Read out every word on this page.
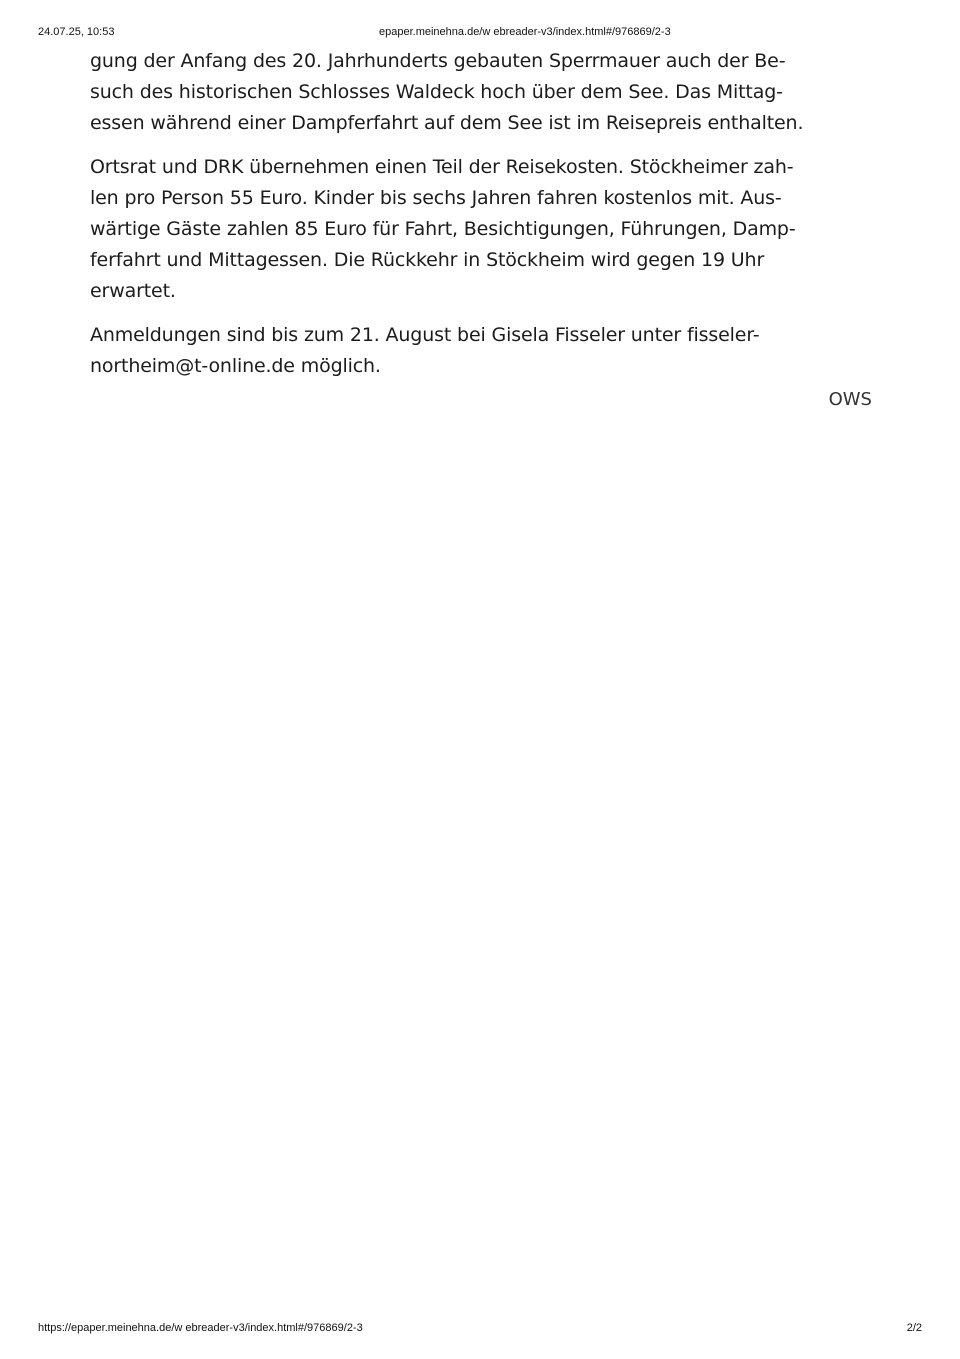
24.07.25, 10:53	epaper.meinehna.de/w ebreader-v3/index.html#/976869/2-3

gung der Anfang des 20. Jahrhunderts gebauten Sperrmauer auch der Be-
such des historischen Schlosses Waldeck hoch über dem See. Das Mittag-
essen während einer Dampferfahrt auf dem See ist im Reisepreis enthalten.

Ortsrat und DRK übernehmen einen Teil der Reisekosten. Stöckheimer zah-
len pro Person 55 Euro. Kinder bis sechs Jahren fahren kostenlos mit. Aus-
wärtige Gäste zahlen 85 Euro für Fahrt, Besichtigungen, Führungen, Damp-
ferfahrt und Mittagessen. Die Rückkehr in Stöckheim wird gegen 19 Uhr
erwartet.

Anmeldungen sind bis zum 21. August bei Gisela Fisseler unter fisseler-
northeim@t-online.de möglich.

OWS
https://epaper.meinehna.de/w ebreader-v3/index.html#/976869/2-3	2/2
